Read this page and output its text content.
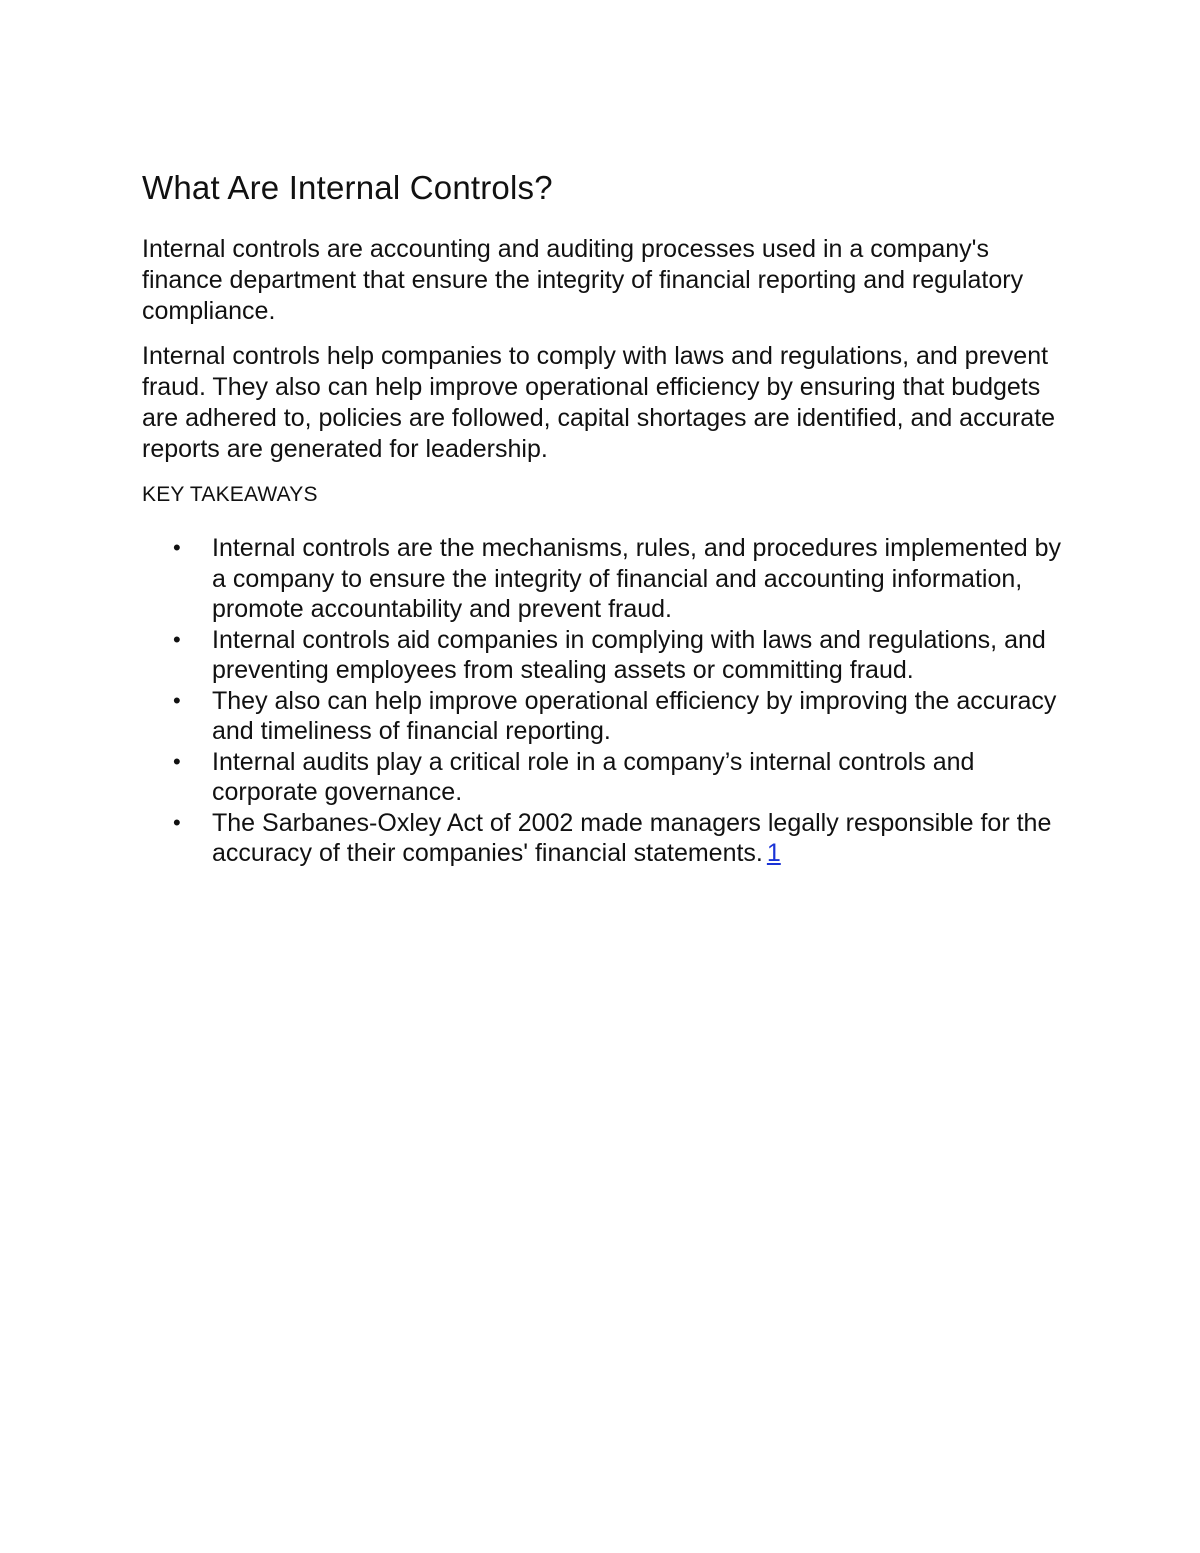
What Are Internal Controls?

Internal controls are accounting and auditing processes used in a company's finance department that ensure the integrity of financial reporting and regulatory compliance.

Internal controls help companies to comply with laws and regulations, and prevent fraud. They also can help improve operational efficiency by ensuring that budgets are adhered to, policies are followed, capital shortages are identified, and accurate reports are generated for leadership.

KEY TAKEAWAYS
• Internal controls are the mechanisms, rules, and procedures implemented by a company to ensure the integrity of financial and accounting information, promote accountability and prevent fraud.
• Internal controls aid companies in complying with laws and regulations, and preventing employees from stealing assets or committing fraud.
• They also can help improve operational efficiency by improving the accuracy and timeliness of financial reporting.
• Internal audits play a critical role in a company’s internal controls and corporate governance.
• The Sarbanes-Oxley Act of 2002 made managers legally responsible for the accuracy of their companies' financial statements. 1
